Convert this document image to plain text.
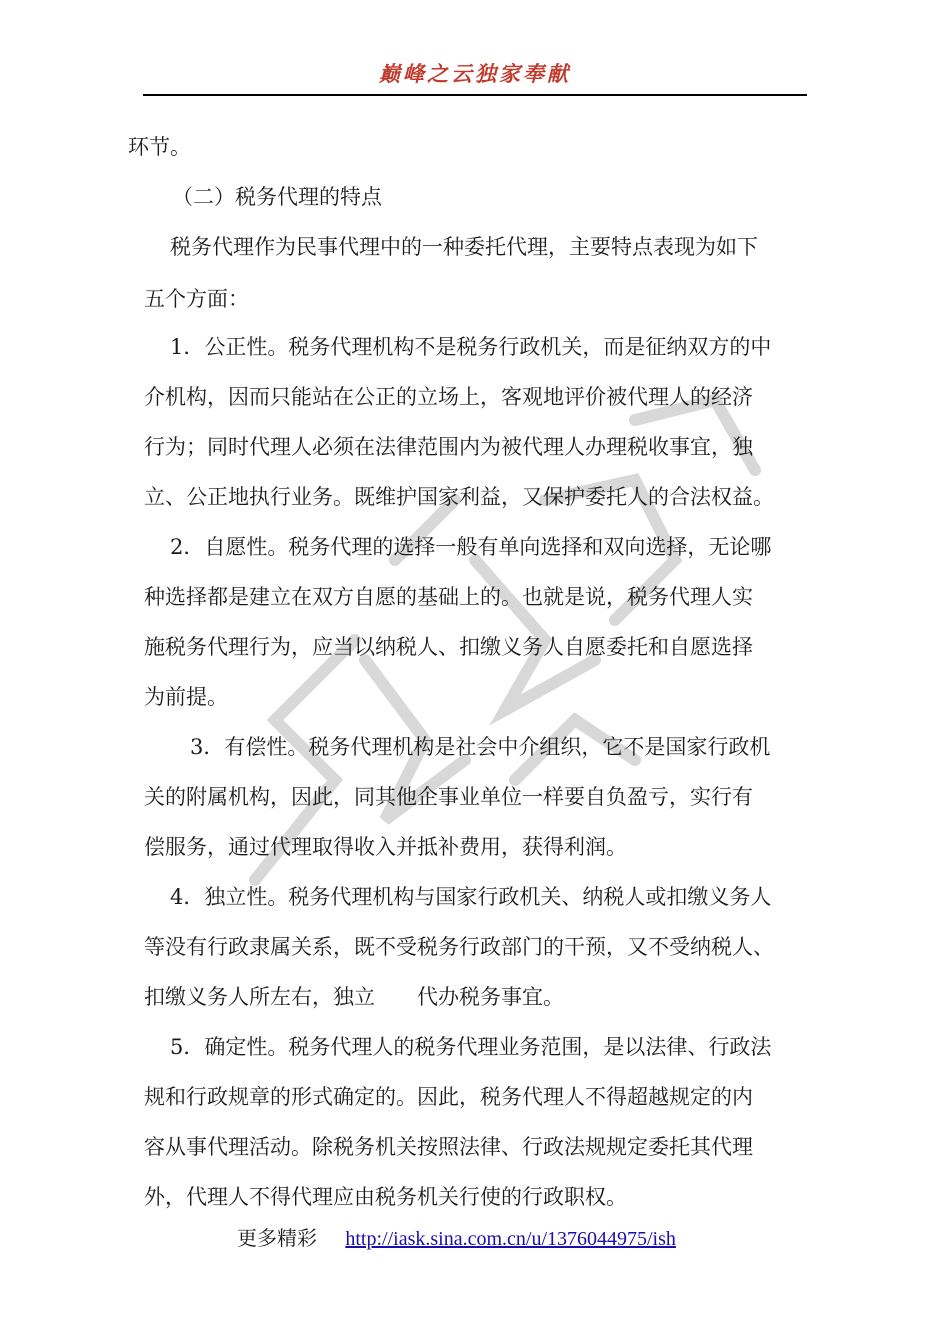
巅峰之云独家奉献
环节。
（二）税务代理的特点
税务代理作为民事代理中的一种委托代理，主要特点表现为如下
五个方面：
1．公正性。税务代理机构不是税务行政机关，而是征纳双方的中
介机构，因而只能站在公正的立场上，客观地评价被代理人的经济
行为；同时代理人必须在法律范围内为被代理人办理税收事宜，独
立、公正地执行业务。既维护国家利益，又保护委托人的合法权益。
2．自愿性。税务代理的选择一般有单向选择和双向选择，无论哪
种选择都是建立在双方自愿的基础上的。也就是说，税务代理人实
施税务代理行为，应当以纳税人、扣缴义务人自愿委托和自愿选择
为前提。
3．有偿性。税务代理机构是社会中介组织，它不是国家行政机
关的附属机构，因此，同其他企事业单位一样要自负盈亏，实行有
偿服务，通过代理取得收入并抵补费用，获得利润。
4．独立性。税务代理机构与国家行政机关、纳税人或扣缴义务人
等没有行政隶属关系，既不受税务行政部门的干预，又不受纳税人、
扣缴义务人所左右，独立　　代办税务事宜。
5．确定性。税务代理人的税务代理业务范围，是以法律、行政法
规和行政规章的形式确定的。因此，税务代理人不得超越规定的内
容从事代理活动。除税务机关按照法律、行政法规规定委托其代理
外，代理人不得代理应由税务机关行使的行政职权。
更多精彩 http://iask.sina.com.cn/u/1376044975/ish
